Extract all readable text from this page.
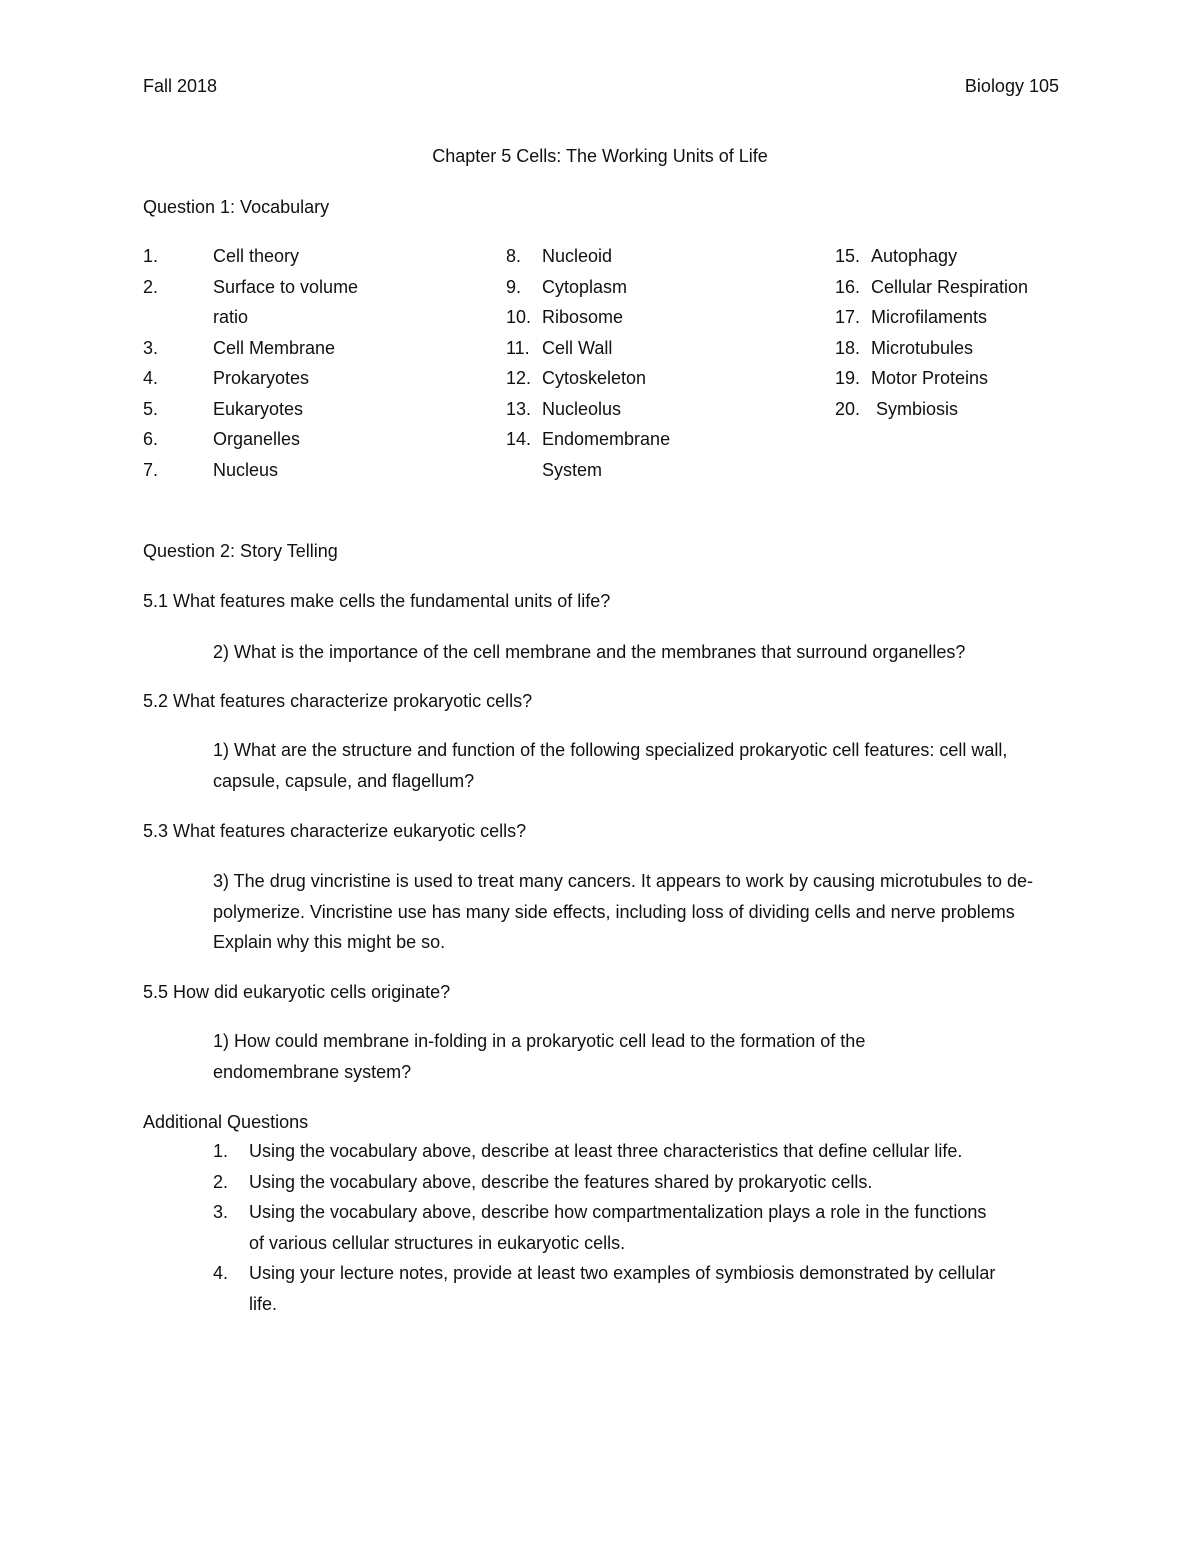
Fall 2018	Biology 105
Chapter 5 Cells: The Working Units of Life
Question 1: Vocabulary
1.	Cell theory
2.	Surface to volume
ratio
3.	Cell Membrane
4.	Prokaryotes
5.	Eukaryotes
6.	Organelles
7.	Nucleus
8. Nucleoid
9. Cytoplasm
10. Ribosome
11. Cell Wall
12. Cytoskeleton
13. Nucleolus
14. Endomembrane
System
15. Autophagy
16. Cellular Respiration
17. Microfilaments
18. Microtubules
19. Motor Proteins
20. Symbiosis
Question 2: Story Telling
5.1 What features make cells the fundamental units of life?
2) What is the importance of the cell membrane and the membranes that surround organelles?
5.2 What features characterize prokaryotic cells?
1) What are the structure and function of the following specialized prokaryotic cell features: cell wall, capsule, capsule, and flagellum?
5.3 What features characterize eukaryotic cells?
3) The drug vincristine is used to treat many cancers. It appears to work by causing microtubules to de-polymerize. Vincristine use has many side effects, including loss of dividing cells and nerve problems Explain why this might be so.
5.5 How did eukaryotic cells originate?
1) How could membrane in-folding in a prokaryotic cell lead to the formation of the endomembrane system?
Additional Questions
1. Using the vocabulary above, describe at least three characteristics that define cellular life.
2. Using the vocabulary above, describe the features shared by prokaryotic cells.
3. Using the vocabulary above, describe how compartmentalization plays a role in the functions of various cellular structures in eukaryotic cells.
4. Using your lecture notes, provide at least two examples of symbiosis demonstrated by cellular life.
